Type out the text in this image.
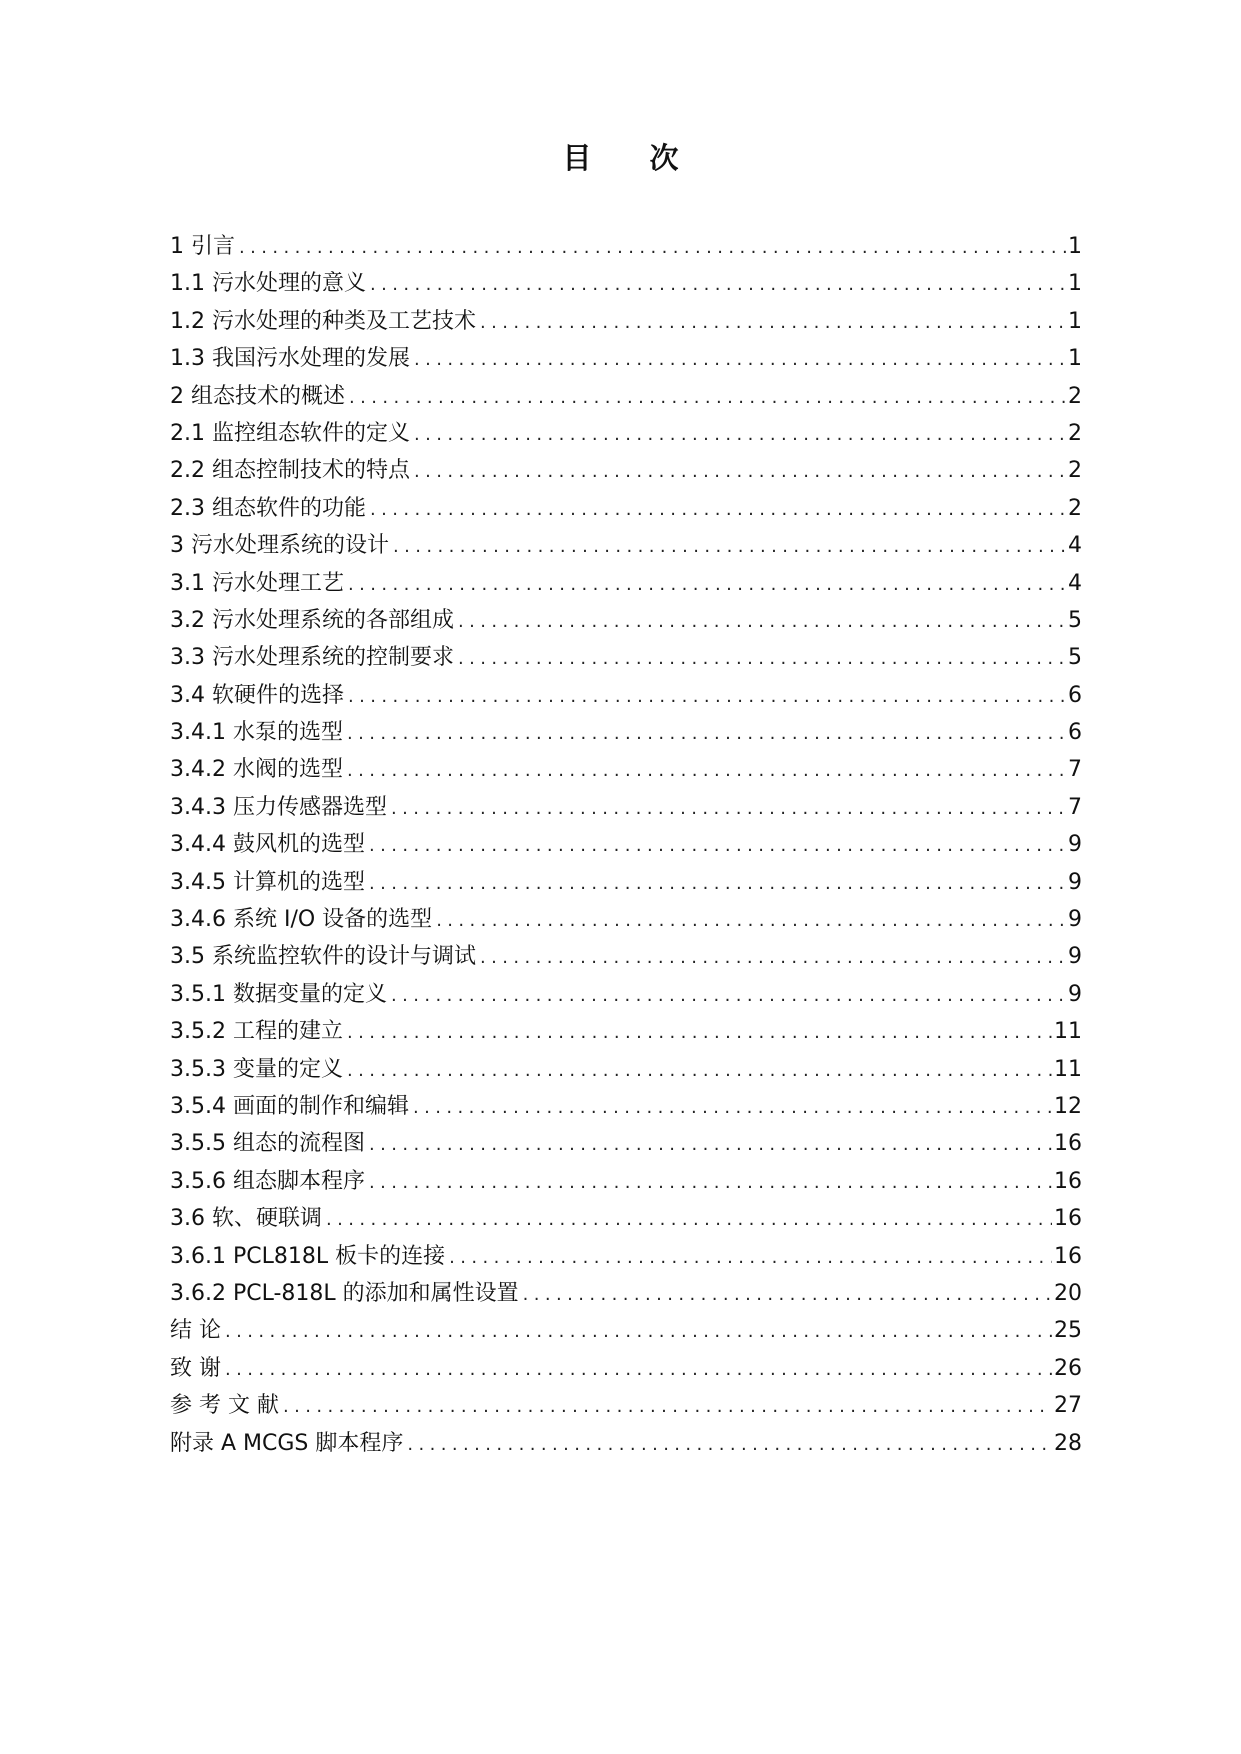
目 次
1 引言 .....	1
1.1 污水处理的意义 .....	1
1.2 污水处理的种类及工艺技术 .....	1
1.3 我国污水处理的发展 .....	1
2 组态技术的概述 .....	2
2.1 监控组态软件的定义 .....	2
2.2 组态控制技术的特点 .....	2
2.3 组态软件的功能 .....	2
3 污水处理系统的设计 .....	4
3.1 污水处理工艺 .....	4
3.2 污水处理系统的各部组成 .....	5
3.3 污水处理系统的控制要求 .....	5
3.4 软硬件的选择 .....	6
3.4.1 水泵的选型 .....	6
3.4.2 水阀的选型 .....	7
3.4.3 压力传感器选型 .....	7
3.4.4 鼓风机的选型 .....	9
3.4.5 计算机的选型 .....	9
3.4.6 系统 I/O 设备的选型 .....	9
3.5 系统监控软件的设计与调试 .....	9
3.5.1 数据变量的定义 .....	9
3.5.2 工程的建立 .....	11
3.5.3 变量的定义 .....	11
3.5.4 画面的制作和编辑 .....	12
3.5.5 组态的流程图 .....	16
3.5.6 组态脚本程序 .....	16
3.6 软、硬联调 .....	16
3.6.1 PCL818L 板卡的连接 .....	16
3.6.2 PCL-818L 的添加和属性设置 .....	20
结 论 .....	25
致 谢 .....	26
参 考 文 献 .....	27
附录 A MCGS 脚本程序 .....	28
